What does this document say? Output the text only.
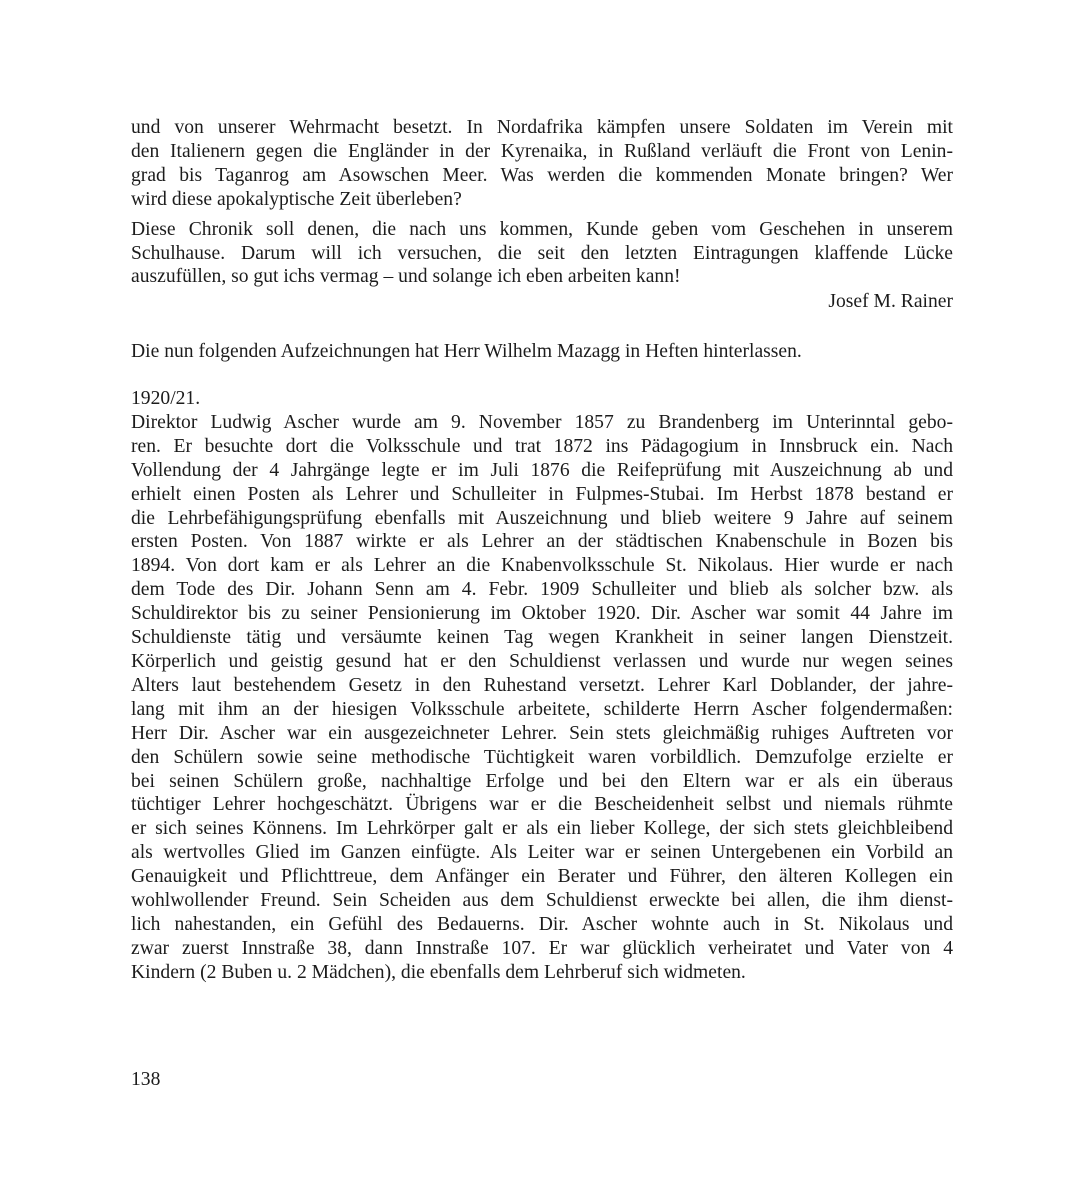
und von unserer Wehrmacht besetzt. In Nordafrika kämpfen unsere Soldaten im Verein mit
den Italienern gegen die Engländer in der Kyrenaika, in Rußland verläuft die Front von Lenin-
grad bis Taganrog am Asowschen Meer. Was werden die kommenden Monate bringen? Wer
wird diese apokalyptische Zeit überleben?

Diese Chronik soll denen, die nach uns kommen, Kunde geben vom Geschehen in unserem
Schulhause. Darum will ich versuchen, die seit den letzten Eintragungen klaffende Lücke
auszufüllen, so gut ichs vermag – und solange ich eben arbeiten kann!

Josef M. Rainer
Die nun folgenden Aufzeichnungen hat Herr Wilhelm Mazagg in Heften hinterlassen.
1920/21.

Direktor Ludwig Ascher wurde am 9. November 1857 zu Brandenberg im Unterinntal gebo-
ren. Er besuchte dort die Volksschule und trat 1872 ins Pädagogium in Innsbruck ein. Nach
Vollendung der 4 Jahrgänge legte er im Juli 1876 die Reifeprüfung mit Auszeichnung ab und
erhielt einen Posten als Lehrer und Schulleiter in Fulpmes-Stubai. Im Herbst 1878 bestand er
die Lehrbefähigungsprüfung ebenfalls mit Auszeichnung und blieb weitere 9 Jahre auf seinem
ersten Posten. Von 1887 wirkte er als Lehrer an der städtischen Knabenschule in Bozen bis
1894. Von dort kam er als Lehrer an die Knabenvolksschule St. Nikolaus. Hier wurde er nach
dem Tode des Dir. Johann Senn am 4. Febr. 1909 Schulleiter und blieb als solcher bzw. als
Schuldirektor bis zu seiner Pensionierung im Oktober 1920. Dir. Ascher war somit 44 Jahre im
Schuldienste tätig und versäumte keinen Tag wegen Krankheit in seiner langen Dienstzeit.
Körperlich und geistig gesund hat er den Schuldienst verlassen und wurde nur wegen seines
Alters laut bestehendem Gesetz in den Ruhestand versetzt. Lehrer Karl Doblander, der jahre-
lang mit ihm an der hiesigen Volksschule arbeitete, schilderte Herrn Ascher folgendermaßen:
Herr Dir. Ascher war ein ausgezeichneter Lehrer. Sein stets gleichmäßig ruhiges Auftreten vor
den Schülern sowie seine methodische Tüchtigkeit waren vorbildlich. Demzufolge erzielte er
bei seinen Schülern große, nachhaltige Erfolge und bei den Eltern war er als ein überaus
tüchtiger Lehrer hochgeschätzt. Übrigens war er die Bescheidenheit selbst und niemals rühmte
er sich seines Könnens. Im Lehrkörper galt er als ein lieber Kollege, der sich stets gleichbleibend
als wertvolles Glied im Ganzen einfügte. Als Leiter war er seinen Untergebenen ein Vorbild an
Genauigkeit und Pflichttreue, dem Anfänger ein Berater und Führer, den älteren Kollegen ein
wohlwollender Freund. Sein Scheiden aus dem Schuldienst erweckte bei allen, die ihm dienst-
lich nahestanden, ein Gefühl des Bedauerns. Dir. Ascher wohnte auch in St. Nikolaus und
zwar zuerst Innstraße 38, dann Innstraße 107. Er war glücklich verheiratet und Vater von 4
Kindern (2 Buben u. 2 Mädchen), die ebenfalls dem Lehrberuf sich widmeten.

138
